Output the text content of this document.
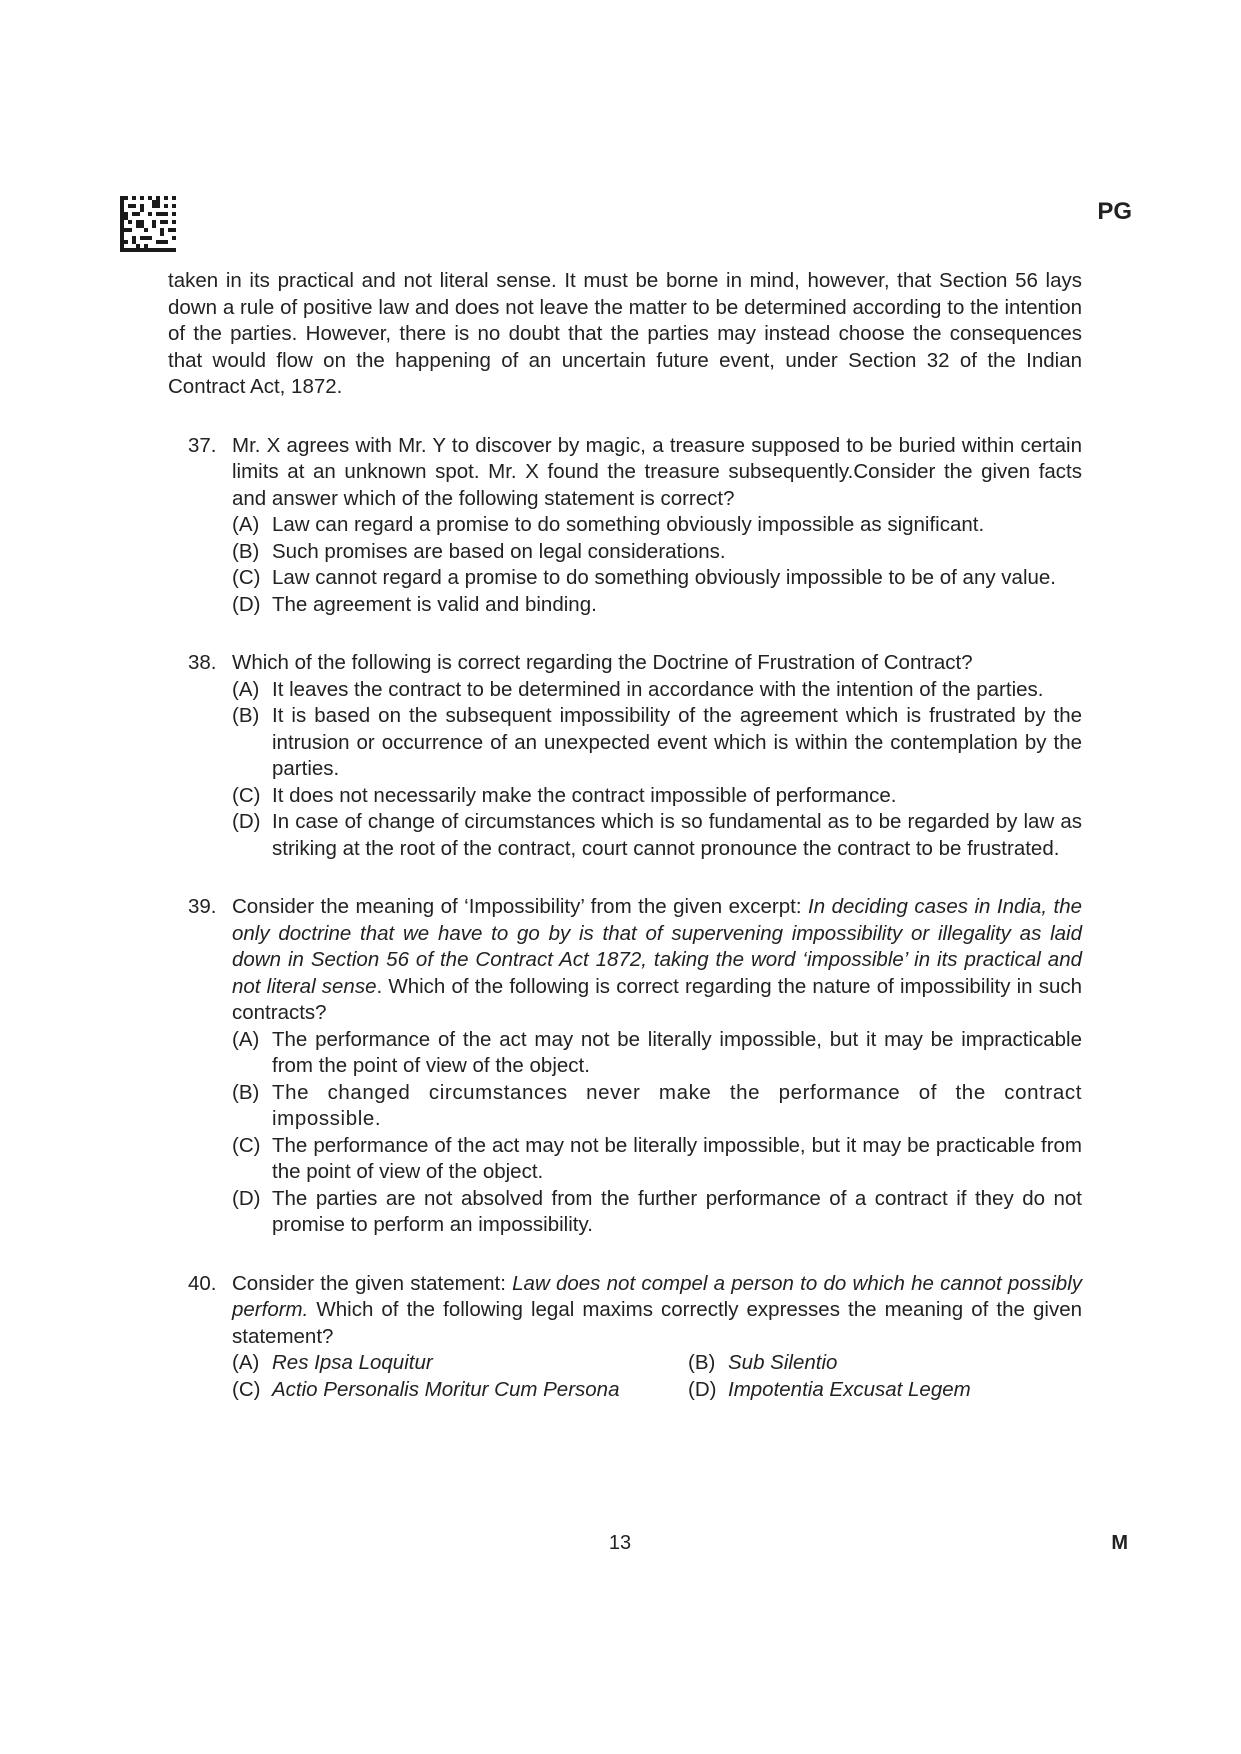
PG

taken in its practical and not literal sense. It must be borne in mind, however, that Section 56 lays down a rule of positive law and does not leave the matter to be determined according to the intention of the parties. However, there is no doubt that the parties may instead choose the consequences that would flow on the happening of an uncertain future event, under Section 32 of the Indian Contract Act, 1872.

37. Mr. X agrees with Mr. Y to discover by magic, a treasure supposed to be buried within certain limits at an unknown spot. Mr. X found the treasure subsequently.Consider the given facts and answer which of the following statement is correct?
(A) Law can regard a promise to do something obviously impossible as significant.
(B) Such promises are based on legal considerations.
(C) Law cannot regard a promise to do something obviously impossible to be of any value.
(D) The agreement is valid and binding.
38. Which of the following is correct regarding the Doctrine of Frustration of Contract?
(A) It leaves the contract to be determined in accordance with the intention of the parties.
(B) It is based on the subsequent impossibility of the agreement which is frustrated by the intrusion or occurrence of an unexpected event which is within the contemplation by the parties.
(C) It does not necessarily make the contract impossible of performance.
(D) In case of change of circumstances which is so fundamental as to be regarded by law as striking at the root of the contract, court cannot pronounce the contract to be frustrated.
39. Consider the meaning of ‘Impossibility’ from the given excerpt: In deciding cases in India, the only doctrine that we have to go by is that of supervening impossibility or illegality as laid down in Section 56 of the Contract Act 1872, taking the word ‘impossible’ in its practical and not literal sense. Which of the following is correct regarding the nature of impossibility in such contracts?
(A) The performance of the act may not be literally impossible, but it may be impracticable from the point of view of the object.
(B) The changed circumstances never make the performance of the contract impossible.
(C) The performance of the act may not be literally impossible, but it may be practicable from the point of view of the object.
(D) The parties are not absolved from the further performance of a contract if they do not promise to perform an impossibility.
40. Consider the given statement: Law does not compel a person to do which he cannot possibly perform. Which of the following legal maxims correctly expresses the meaning of the given statement?
(A) Res Ipsa Loquitur	(B) Sub Silentio
(C) Actio Personalis Moritur Cum Persona	(D) Impotentia Excusat Legem
13	M
